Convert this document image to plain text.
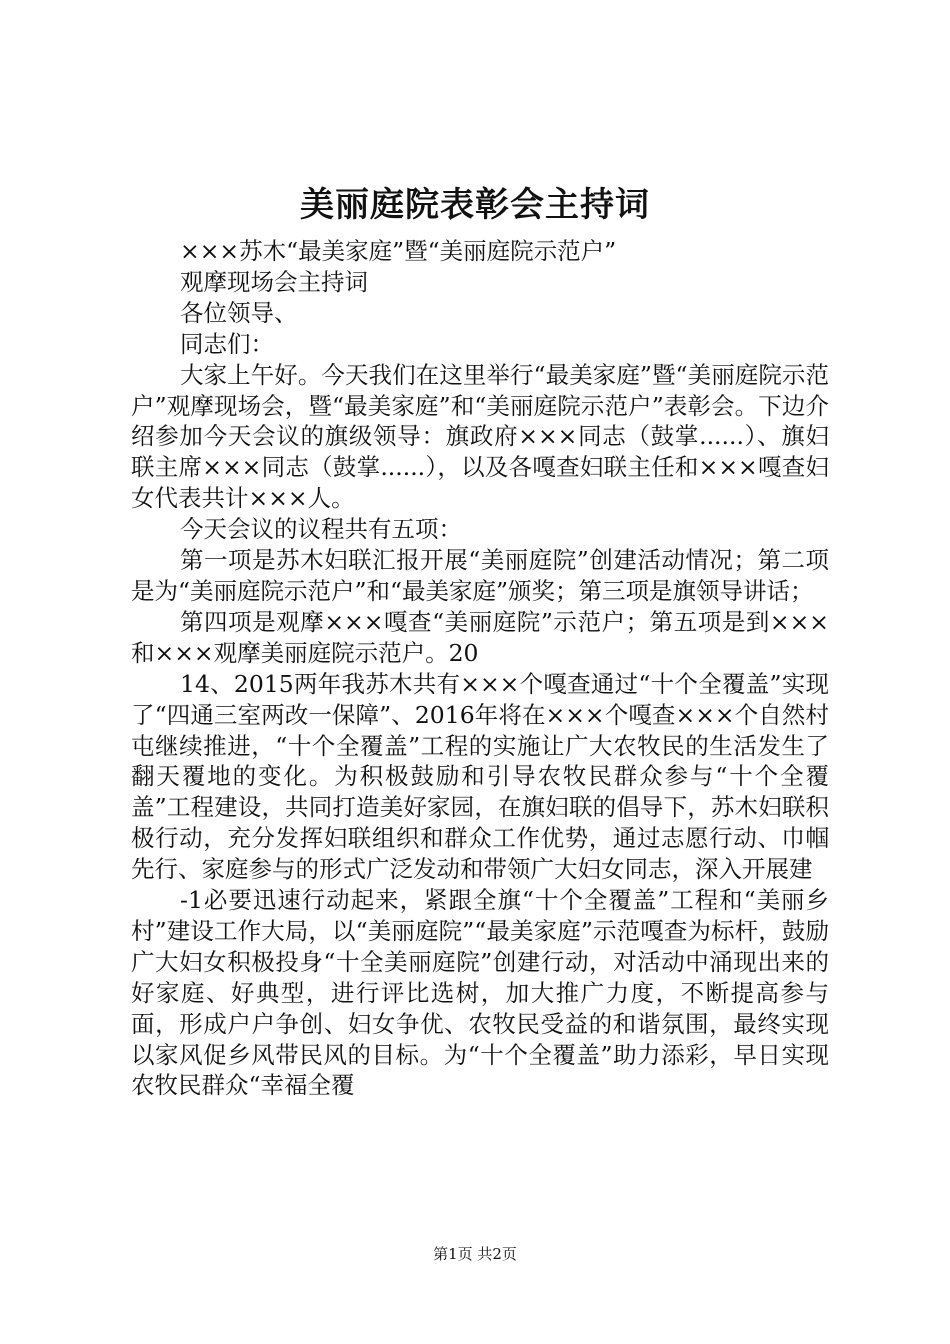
美丽庭院表彰会主持词

×××苏木“最美家庭”暨“美丽庭院示范户”

观摩现场会主持词

各位领导、

同志们：

大家上午好。今天我们在这里举行“最美家庭”暨“美丽庭院示范户”观摩现场会，暨“最美家庭”和“美丽庭院示范户”表彰会。下边介绍参加今天会议的旗级领导：旗政府×××同志（鼓掌......）、旗妇联主席×××同志（鼓掌......），以及各嘎查妇联主任和×××嘎查妇女代表共计×××人。

今天会议的议程共有五项：

第一项是苏木妇联汇报开展“美丽庭院”创建活动情况；第二项是为“美丽庭院示范户”和“最美家庭”颁奖；第三项是旗领导讲话；

第四项是观摩×××嘎查“美丽庭院”示范户；第五项是到×××和×××观摩美丽庭院示范户。20

14、2015两年我苏木共有×××个嘎查通过“十个全覆盖”实现了“四通三室两改一保障”、2016年将在×××个嘎查×××个自然村屯继续推进，“十个全覆盖”工程的实施让广大农牧民的生活发生了翻天覆地的变化。为积极鼓励和引导农牧民群众参与“十个全覆盖”工程建设，共同打造美好家园，在旗妇联的倡导下，苏木妇联积极行动，充分发挥妇联组织和群众工作优势，通过志愿行动、巾帼先行、家庭参与的形式广泛发动和带领广大妇女同志，深入开展建

-1必要迅速行动起来，紧跟全旗“十个全覆盖”工程和“美丽乡村”建设工作大局，以“美丽庭院”“最美家庭”示范嘎查为标杆，鼓励广大妇女积极投身“十全美丽庭院”创建行动，对活动中涌现出来的好家庭、好典型，进行评比选树，加大推广力度，不断提高参与面，形成户户争创、妇女争优、农牧民受益的和谐氛围，最终实现以家风促乡风带民风的目标。为“十个全覆盖”助力添彩，早日实现农牧民群众“幸福全覆

第1页 共2页
